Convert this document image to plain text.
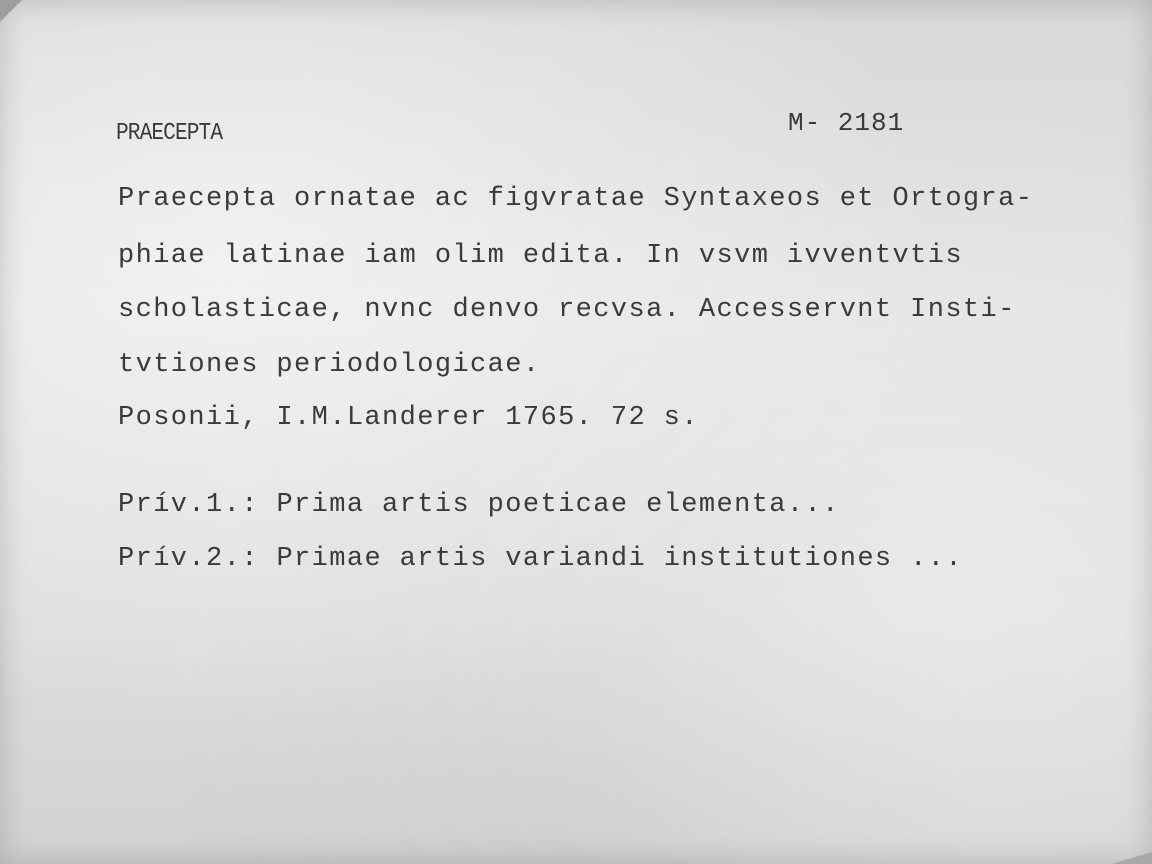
PRAECEPTA	M- 2181
Praecepta ornatae ac figvratae Syntaxeos et Ortogra-
phiae latinae iam olim edita. In vsvm ivventvtis
scholasticae, nvnc denvo recvsa. Accesservnt Insti-
tvtiones periodologicae.
Posonii, I.M.Landerer 1765. 72 s.
Prív.1.: Prima artis poeticae elementa...
Prív.2.: Primae artis variandi institutiones ...
